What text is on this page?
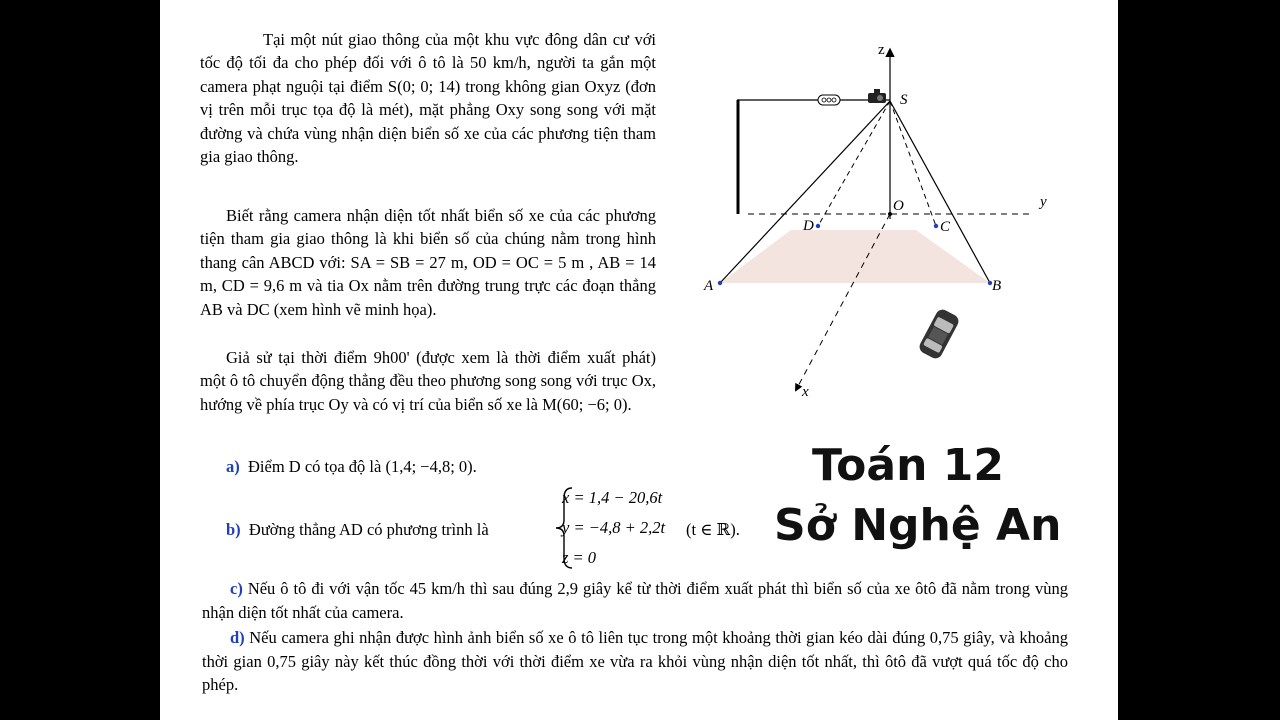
Tại một nút giao thông của một khu vực đông dân cư với tốc độ tối đa cho phép đối với ô tô là 50 km/h, người ta gắn một camera phạt nguội tại điểm S(0; 0; 14) trong không gian Oxyz (đơn vị trên mỗi trục tọa độ là mét), mặt phẳng Oxy song song với mặt đường và chứa vùng nhận diện biển số xe của các phương tiện tham gia giao thông.
Biết rằng camera nhận diện tốt nhất biển số xe của các phương tiện tham gia giao thông là khi biển số của chúng nằm trong hình thang cân ABCD với: SA = SB = 27 m, OD = OC = 5 m , AB = 14 m, CD = 9,6 m và tia Ox nằm trên đường trung trực các đoạn thẳng AB và DC (xem hình vẽ minh họa).
Giả sử tại thời điểm 9h00' (được xem là thời điểm xuất phát) một ô tô chuyển động thẳng đều theo phương song song với trục Ox, hướng về phía trục Oy và có vị trí của biển số xe là M(60; −6; 0).

a) Điểm D có tọa độ là (1,4; −4,8; 0).

b) Đường thẳng AD có phương trình là

x = 1,4 − 20,6t
y = −4,8 + 2,2t
z = 0
(t ∈ ℝ).

c) Nếu ô tô đi với vận tốc 45 km/h thì sau đúng 2,9 giây kể từ thời điểm xuất phát thì biển số của xe ôtô đã nằm trong vùng nhận diện tốt nhất của camera.

d) Nếu camera ghi nhận được hình ảnh biển số xe ô tô liên tục trong một khoảng thời gian kéo dài đúng 0,75 giây, và khoảng thời gian 0,75 giây này kết thúc đồng thời với thời điểm xe vừa ra khỏi vùng nhận diện tốt nhất, thì ôtô đã vượt quá tốc độ cho phép.

Toán 12
Sở Nghệ An
z
y
x
S
O
D	C
A	B
